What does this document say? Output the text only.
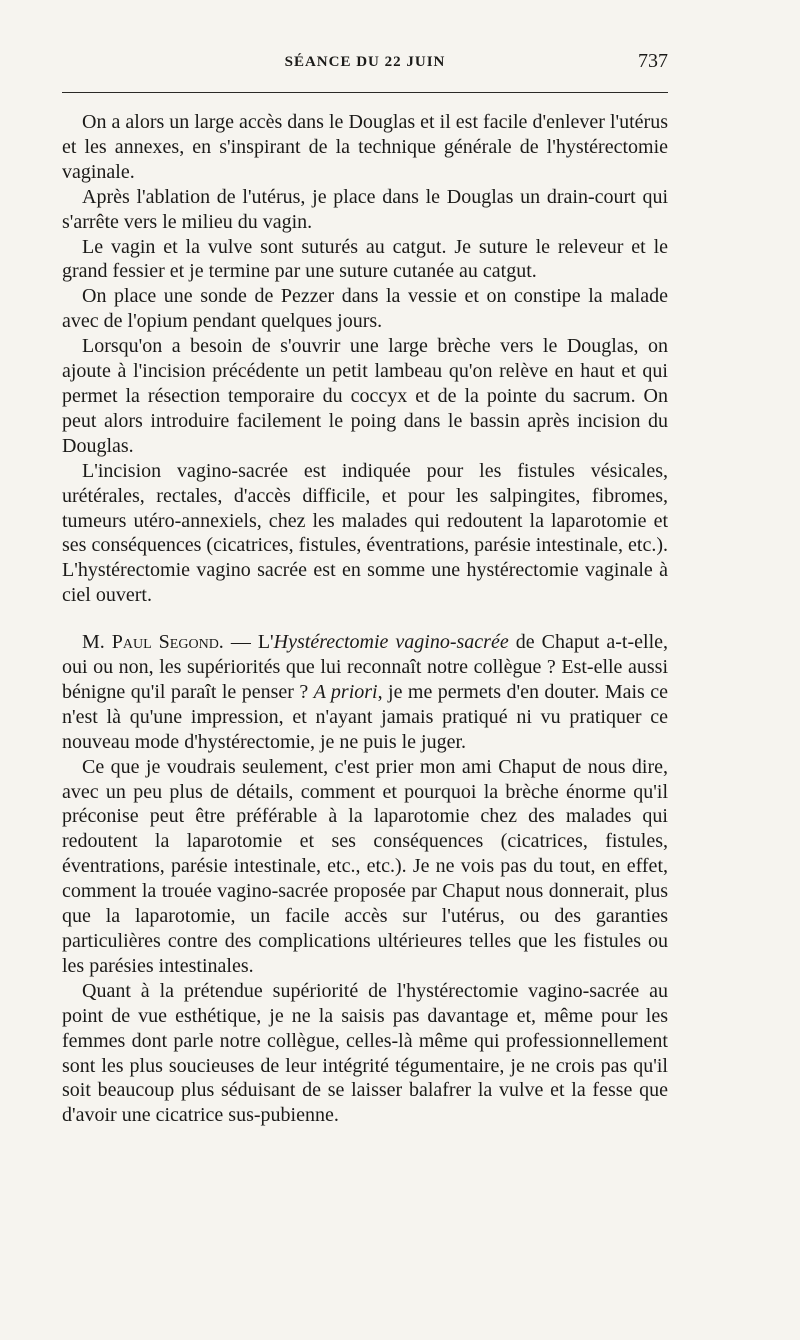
SÉANCE DU 22 JUIN	737

On a alors un large accès dans le Douglas et il est facile d'enlever l'utérus et les annexes, en s'inspirant de la technique générale de l'hystérectomie vaginale.

Après l'ablation de l'utérus, je place dans le Douglas un drain-court qui s'arrête vers le milieu du vagin.

Le vagin et la vulve sont suturés au catgut. Je suture le releveur et le grand fessier et je termine par une suture cutanée au catgut.

On place une sonde de Pezzer dans la vessie et on constipe la malade avec de l'opium pendant quelques jours.

Lorsqu'on a besoin de s'ouvrir une large brèche vers le Douglas, on ajoute à l'incision précédente un petit lambeau qu'on relève en haut et qui permet la résection temporaire du coccyx et de la pointe du sacrum. On peut alors introduire facilement le poing dans le bassin après incision du Douglas.

L'incision vagino-sacrée est indiquée pour les fistules vésicales, urétérales, rectales, d'accès difficile, et pour les salpingites, fibromes, tumeurs utéro-annexiels, chez les malades qui redoutent la laparotomie et ses conséquences (cicatrices, fistules, éventrations, parésie intestinale, etc.). L'hystérectomie vagino sacrée est en somme une hystérectomie vaginale à ciel ouvert.

M. Paul Segond. — L'Hystérectomie vagino-sacrée de Chaput a-t-elle, oui ou non, les supériorités que lui reconnaît notre collègue ? Est-elle aussi bénigne qu'il paraît le penser ? A priori, je me permets d'en douter. Mais ce n'est là qu'une impression, et n'ayant jamais pratiqué ni vu pratiquer ce nouveau mode d'hystérectomie, je ne puis le juger.

Ce que je voudrais seulement, c'est prier mon ami Chaput de nous dire, avec un peu plus de détails, comment et pourquoi la brèche énorme qu'il préconise peut être préférable à la laparotomie chez des malades qui redoutent la laparotomie et ses conséquences (cicatrices, fistules, éventrations, parésie intestinale, etc., etc.). Je ne vois pas du tout, en effet, comment la trouée vagino-sacrée proposée par Chaput nous donnerait, plus que la laparotomie, un facile accès sur l'utérus, ou des garanties particulières contre des complications ultérieures telles que les fistules ou les parésies intestinales.

Quant à la prétendue supériorité de l'hystérectomie vagino-sacrée au point de vue esthétique, je ne la saisis pas davantage et, même pour les femmes dont parle notre collègue, celles-là même qui professionnellement sont les plus soucieuses de leur intégrité tégumentaire, je ne crois pas qu'il soit beaucoup plus séduisant de se laisser balafrer la vulve et la fesse que d'avoir une cicatrice sus-pubienne.
